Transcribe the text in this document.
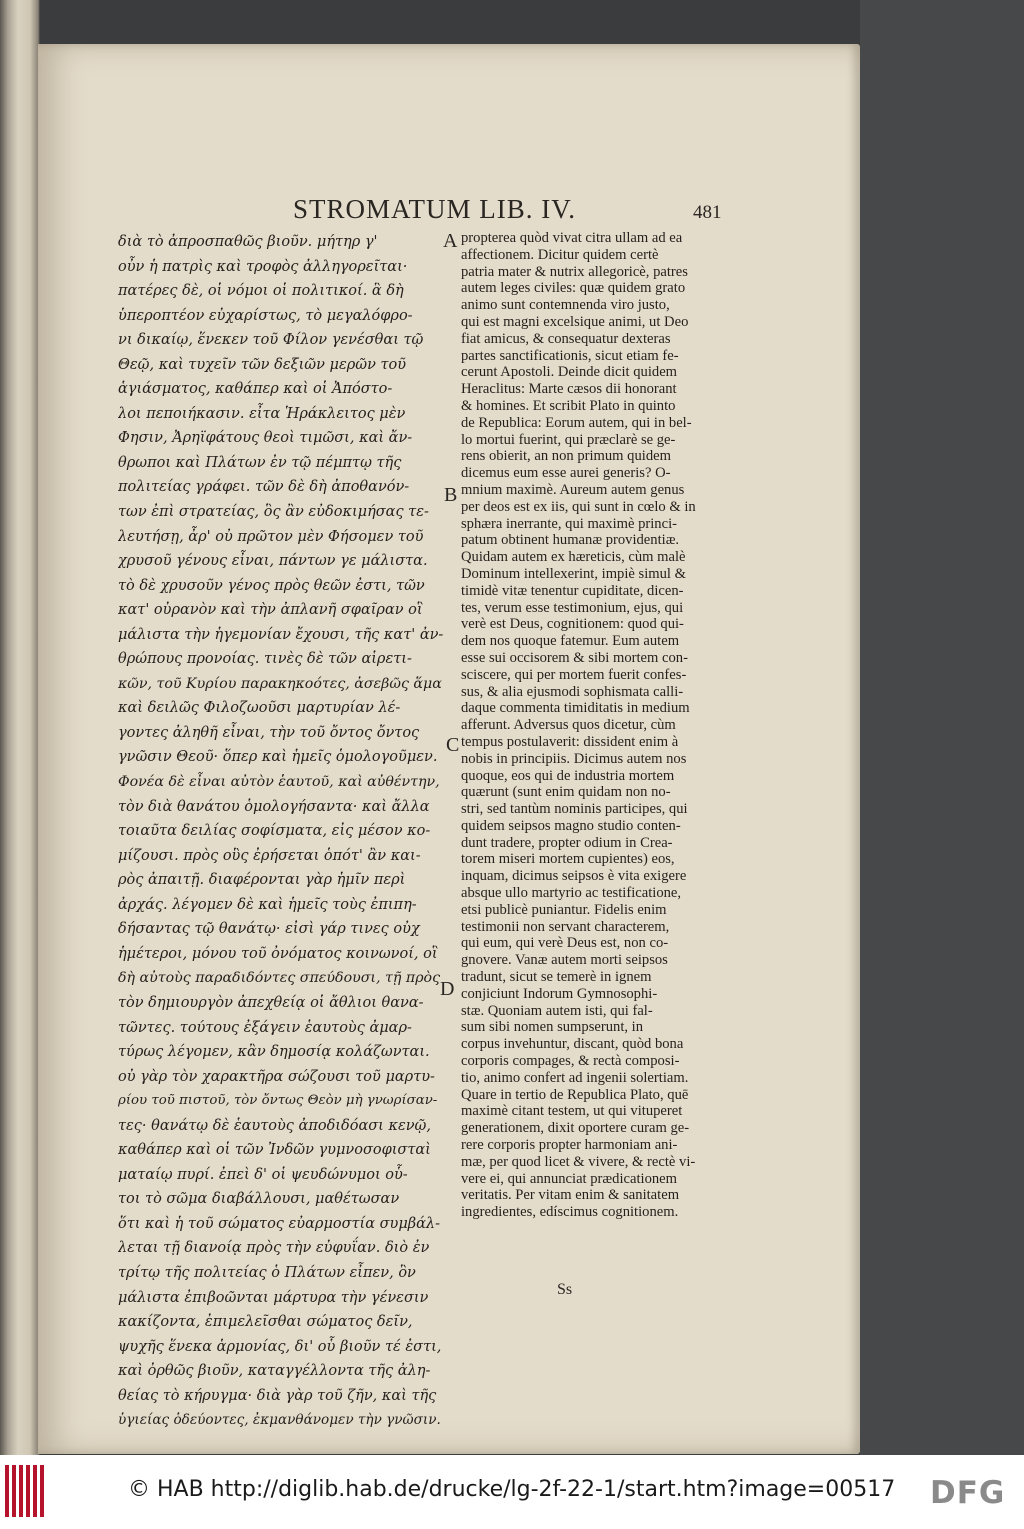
STROMATUM LIB. IV.	481
διὰ τὸ ἀπροσπαθῶς βιοῦν. μήτηρ γ'
οὖν ἡ πατρὶς καὶ τροφὸς ἀλληγορεῖται·
πατέρες δὲ, οἱ νόμοι οἱ πολιτικοί. ἃ δὴ
ὑπεροπτέον εὐχαρίστως, τὸ μεγαλόφρο-
νι δικαίῳ, ἕνεκεν τοῦ Φίλον γενέσθαι τῷ
Θεῷ, καὶ τυχεῖν τῶν δεξιῶν μερῶν τοῦ
ἁγιάσματος, καθάπερ καὶ οἱ Ἀπόστο-
λοι πεποιήκασιν. εἶτα Ἡράκλειτος μὲν
Φησιν, Ἀρηϊφάτους θεοὶ τιμῶσι, καὶ ἄν-
θρωποι καὶ Πλάτων ἐν τῷ πέμπτῳ τῆς
πολιτείας γράφει. τῶν δὲ δὴ ἀποθανόν-
των ἐπὶ στρατείας, ὃς ἂν εὐδοκιμήσας τε-
λευτήσῃ, ἆρ' οὐ πρῶτον μὲν Φήσομεν τοῦ
χρυσοῦ γένους εἶναι, πάντων γε μάλιστα.
τὸ δὲ χρυσοῦν γένος πρὸς θεῶν ἐστι, τῶν
κατ' οὐρανὸν καὶ τὴν ἀπλανῆ σφαῖραν οἳ
μάλιστα τὴν ἡγεμονίαν ἔχουσι, τῆς κατ' ἀν-
θρώπους προνοίας. τινὲς δὲ τῶν αἱρετι-
κῶν, τοῦ Κυρίου παρακηκοότες, ἀσεβῶς ἅμα
καὶ δειλῶς Φιλοζωοῦσι μαρτυρίαν λέ-
γοντες ἀληθῆ εἶναι, τὴν τοῦ ὄντος ὄντος
γνῶσιν Θεοῦ· ὅπερ καὶ ἡμεῖς ὁμολογοῦμεν.
Φονέα δὲ εἶναι αὐτὸν ἑαυτοῦ, καὶ αὐθέντην,
τὸν διὰ θανάτου ὁμολογήσαντα· καὶ ἄλλα
τοιαῦτα δειλίας σοφίσματα, εἰς μέσον κο-
μίζουσι. πρὸς οὓς ἐρήσεται ὁπότ' ἂν και-
ρὸς ἀπαιτῇ. διαφέρονται γὰρ ἡμῖν περὶ
ἀρχάς. λέγομεν δὲ καὶ ἡμεῖς τοὺς ἐπιπη-
δήσαντας τῷ θανάτῳ· εἰσὶ γάρ τινες οὐχ
ἡμέτεροι, μόνου τοῦ ὀνόματος κοινωνοί, οἳ
δὴ αὐτοὺς παραδιδόντες σπεύδουσι, τῇ πρὸς
τὸν δημιουργὸν ἀπεχθείᾳ οἱ ἄθλιοι θανα-
τῶντες. τούτους ἐξάγειν ἑαυτοὺς ἀμαρ-
τύρως λέγομεν, κἂν δημοσίᾳ κολάζωνται.
οὐ γὰρ τὸν χαρακτῆρα σώζουσι τοῦ μαρτυ-
ρίου τοῦ πιστοῦ, τὸν ὄντως Θεὸν μὴ γνωρίσαν-
τες· θανάτῳ δὲ ἑαυτοὺς ἀποδιδόασι κενῷ,
καθάπερ καὶ οἱ τῶν Ἰνδῶν γυμνοσοφισταὶ
ματαίῳ πυρί. ἐπεὶ δ' οἱ ψευδώνυμοι οὗ-
τοι τὸ σῶμα διαβάλλουσι, μαθέτωσαν
ὅτι καὶ ἡ τοῦ σώματος εὐαρμοστία συμβάλ-
λεται τῇ διανοίᾳ πρὸς τὴν εὐφυΐαν. διὸ ἐν
τρίτῳ τῆς πολιτείας ὁ Πλάτων εἶπεν, ὃν
μάλιστα ἐπιβοῶνται μάρτυρα τὴν γένεσιν
κακίζοντα, ἐπιμελεῖσθαι σώματος δεῖν,
ψυχῆς ἕνεκα ἁρμονίας, δι' οὗ βιοῦν τέ ἐστι,
καὶ ὀρθῶς βιοῦν, καταγγέλλοντα τῆς ἀλη-
θείας τὸ κήρυγμα· διὰ γὰρ τοῦ ζῆν, καὶ τῆς
ὑγιείας ὁδεύοντες, ἐκμανθάνομεν τὴν γνῶσιν.
propterea quòd vivat citra ullam ad ea
affectionem. Dicitur quidem certè
patria mater & nutrix allegoricè, patres
autem leges civiles: quæ quidem grato
animo sunt contemnenda viro justo,
qui est magni excelsique animi, ut Deo
fiat amicus, & consequatur dexteras
partes sanctificationis, sicut etiam fe-
cerunt Apostoli. Deinde dicit quidem
Heraclitus: Marte cæsos dii honorant
& homines. Et scribit Plato in quinto
de Republica: Eorum autem, qui in bel-
lo mortui fuerint, qui præclarè se ge-
rens obierit, an non primum quidem
dicemus eum esse aurei generis? O-
mnium maximè. Aureum autem genus
per deos est ex iis, qui sunt in cœlo & in
sphæra inerrante, qui maximè princi-
patum obtinent humanæ providentiæ.
Quidam autem ex hæreticis, cùm malè
Dominum intellexerint, impiè simul &
timidè vitæ tenentur cupiditate, dicen-
tes, verum esse testimonium, ejus, qui
verè est Deus, cognitionem: quod qui-
dem nos quoque fatemur. Eum autem
esse sui occisorem & sibi mortem con-
sciscere, qui per mortem fuerit confes-
sus, & alia ejusmodi sophismata calli-
daque commenta timiditatis in medium
afferunt. Adversus quos dicetur, cùm
tempus postulaverit: dissident enim à
nobis in principiis. Dicimus autem nos
quoque, eos qui de industria mortem
quærunt (sunt enim quidam non no-
stri, sed tantùm nominis participes, qui
quidem seipsos magno studio conten-
dunt tradere, propter odium in Crea-
torem miseri mortem cupientes) eos,
inquam, dicimus seipsos è vita exigere
absque ullo martyrio ac testificatione,
etsi publicè puniantur. Fidelis enim
testimonii non servant characterem,
qui eum, qui verè Deus est, non co-
gnovere. Vanæ autem morti seipsos
tradunt, sicut se temerè in ignem
conjiciunt Indorum Gymnosophi-
stæ. Quoniam autem isti, qui fal-
sum sibi nomen sumpserunt, in
corpus invehuntur, discant, quòd bona
corporis compages, & rectà composi-
tio, animo confert ad ingenii solertiam.
Quare in tertio de Republica Plato, quē
maximè citant testem, ut qui vituperet
generationem, dixit oportere curam ge-
rere corporis propter harmoniam ani-
mæ, per quod licet & vivere, & rectè vi-
vere ei, qui annunciat prædicationem
veritatis. Per vitam enim & sanitatem
ingredientes, edíscimus cognitionem.
A
B
C
D
Ss
© HAB http://diglib.hab.de/drucke/lg-2f-22-1/start.htm?image=00517 DFG
